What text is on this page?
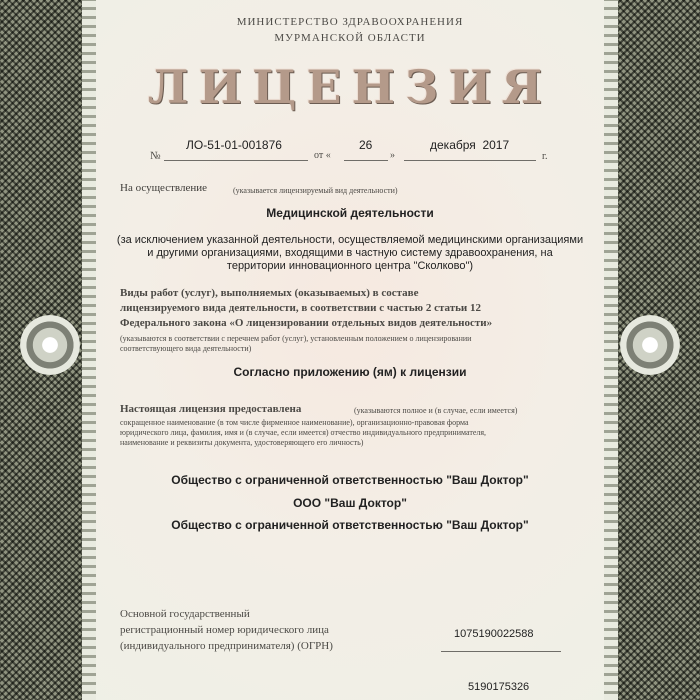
МИНИСТЕРСТВО ЗДРАВООХРАНЕНИЯ
МУРМАНСКОЙ ОБЛАСТИ
ЛИЦЕНЗИЯ
№
ЛО-51-01-001876
от «
26
»
декабря  2017
г.
На осуществление	(указывается лицензируемый вид деятельности)
Медицинской деятельности
(за исключением указанной деятельности, осуществляемой медицинскими организациями
и другими организациями, входящими в частную систему здравоохранения, на
территории инновационного центра "Сколково")
Виды работ (услуг), выполняемых (оказываемых) в составе
лицензируемого вида деятельности, в соответствии с частью 2 статьи 12
Федерального закона «О лицензировании отдельных видов деятельности»
(указываются в соответствии с перечнем работ (услуг), установленным положением о лицензировании
соответствующего вида деятельности)
Согласно приложению (ям) к лицензии
Настоящая лицензия предоставлена	(указываются полное и (в случае, если имеется)
сокращенное наименование (в том числе фирменное наименование), организационно-правовая форма
юридического лица, фамилия, имя и (в случае, если имеется) отчество индивидуального предпринимателя,
наименование и реквизиты документа, удостоверяющего его личность)
Общество с ограниченной ответственностью "Ваш Доктор"
ООО "Ваш Доктор"
Общество с ограниченной ответственностью "Ваш Доктор"
Основной государственный
регистрационный номер юридического лица
(индивидуального предпринимателя) (ОГРН)
1075190022588
5190175326
